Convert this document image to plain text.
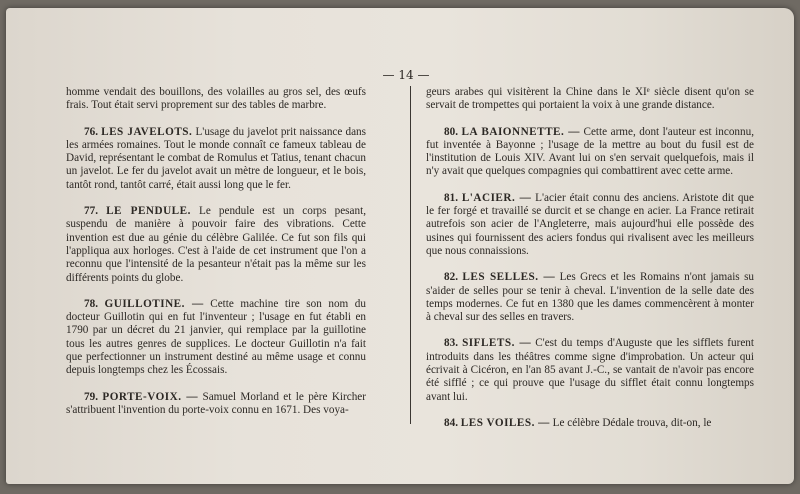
— 14 —

homme vendait des bouillons, des volailles au gros sel, des œufs frais. Tout était servi proprement sur des tables de marbre.

76. LES JAVELOTS. L'usage du javelot prit naissance dans les armées romaines. Tout le monde connaît ce fameux tableau de David, représentant le combat de Romulus et Tatius, tenant chacun un javelot. Le fer du javelot avait un mètre de longueur, et le bois, tantôt rond, tantôt carré, était aussi long que le fer.

77. LE PENDULE. Le pendule est un corps pesant, suspendu de manière à pouvoir faire des vibrations. Cette invention est due au génie du célèbre Galilée. Ce fut son fils qui l'appliqua aux horloges. C'est à l'aide de cet instrument que l'on a reconnu que l'intensité de la pesanteur n'était pas la même sur les différents points du globe.

78. GUILLOTINE. — Cette machine tire son nom du docteur Guillotin qui en fut l'inventeur ; l'usage en fut établi en 1790 par un décret du 21 janvier, qui remplace par la guillotine tous les autres genres de supplices. Le docteur Guillotin n'a fait que perfectionner un instrument destiné au même usage et connu depuis longtemps chez les Écossais.

79. PORTE-VOIX. — Samuel Morland et le père Kircher s'attribuent l'invention du porte-voix connu en 1671. Des voya-

geurs arabes qui visitèrent la Chine dans le XIᵉ siècle disent qu'on se servait de trompettes qui portaient la voix à une grande distance.

80. LA BAIONNETTE. — Cette arme, dont l'auteur est inconnu, fut inventée à Bayonne ; l'usage de la mettre au bout du fusil est de l'institution de Louis XIV. Avant lui on s'en servait quelquefois, mais il n'y avait que quelques compagnies qui combattirent avec cette arme.

81. L'ACIER. — L'acier était connu des anciens. Aristote dit que le fer forgé et travaillé se durcit et se change en acier. La France retirait autrefois son acier de l'Angleterre, mais aujourd'hui elle possède des usines qui fournissent des aciers fondus qui rivalisent avec les meilleurs que nous connaissions.

82. LES SELLES. — Les Grecs et les Romains n'ont jamais su s'aider de selles pour se tenir à cheval. L'invention de la selle date des temps modernes. Ce fut en 1380 que les dames commencèrent à monter à cheval sur des selles en travers.

83. SIFLETS. — C'est du temps d'Auguste que les sifflets furent introduits dans les théâtres comme signe d'improbation. Un acteur qui écrivait à Cicéron, en l'an 85 avant J.-C., se vantait de n'avoir pas encore été sifflé ; ce qui prouve que l'usage du sifflet était connu longtemps avant lui.

84. LES VOILES. — Le célèbre Dédale trouva, dit-on, le
